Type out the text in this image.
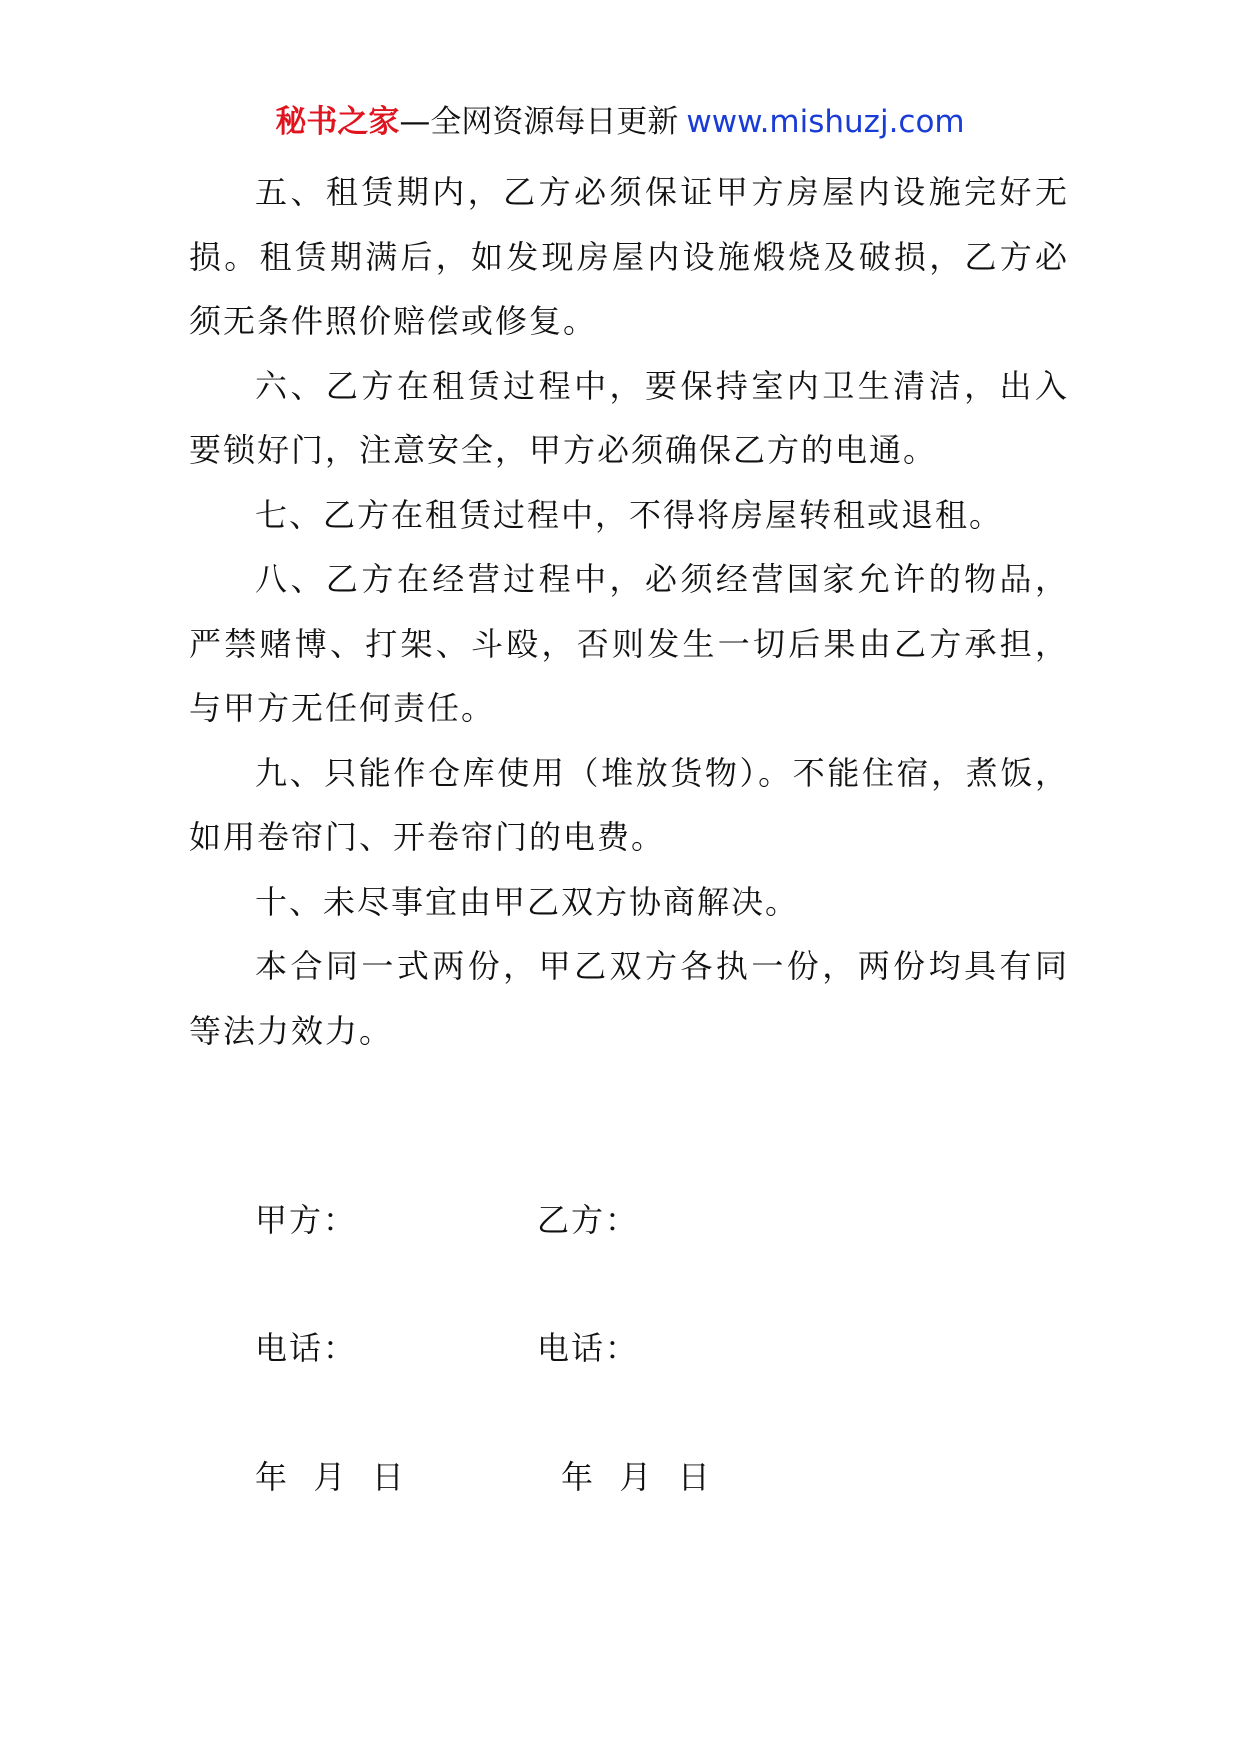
秘书之家—全网资源每日更新 www.mishuzj.com

五、租赁期内，乙方必须保证甲方房屋内设施完好无损。租赁期满后，如发现房屋内设施煅烧及破损，乙方必须无条件照价赔偿或修复。

六、乙方在租赁过程中，要保持室内卫生清洁，出入要锁好门，注意安全，甲方必须确保乙方的电通。

七、乙方在租赁过程中，不得将房屋转租或退租。

八、乙方在经营过程中，必须经营国家允许的物品，严禁赌博、打架、斗殴，否则发生一切后果由乙方承担，与甲方无任何责任。

九、只能作仓库使用（堆放货物）。不能住宿，煮饭，如用卷帘门、开卷帘门的电费。

十、未尽事宜由甲乙双方协商解决。

本合同一式两份，甲乙双方各执一份，两份均具有同等法力效力。

甲方：	乙方：
电话：	电话：
年  月  日	年  月  日
